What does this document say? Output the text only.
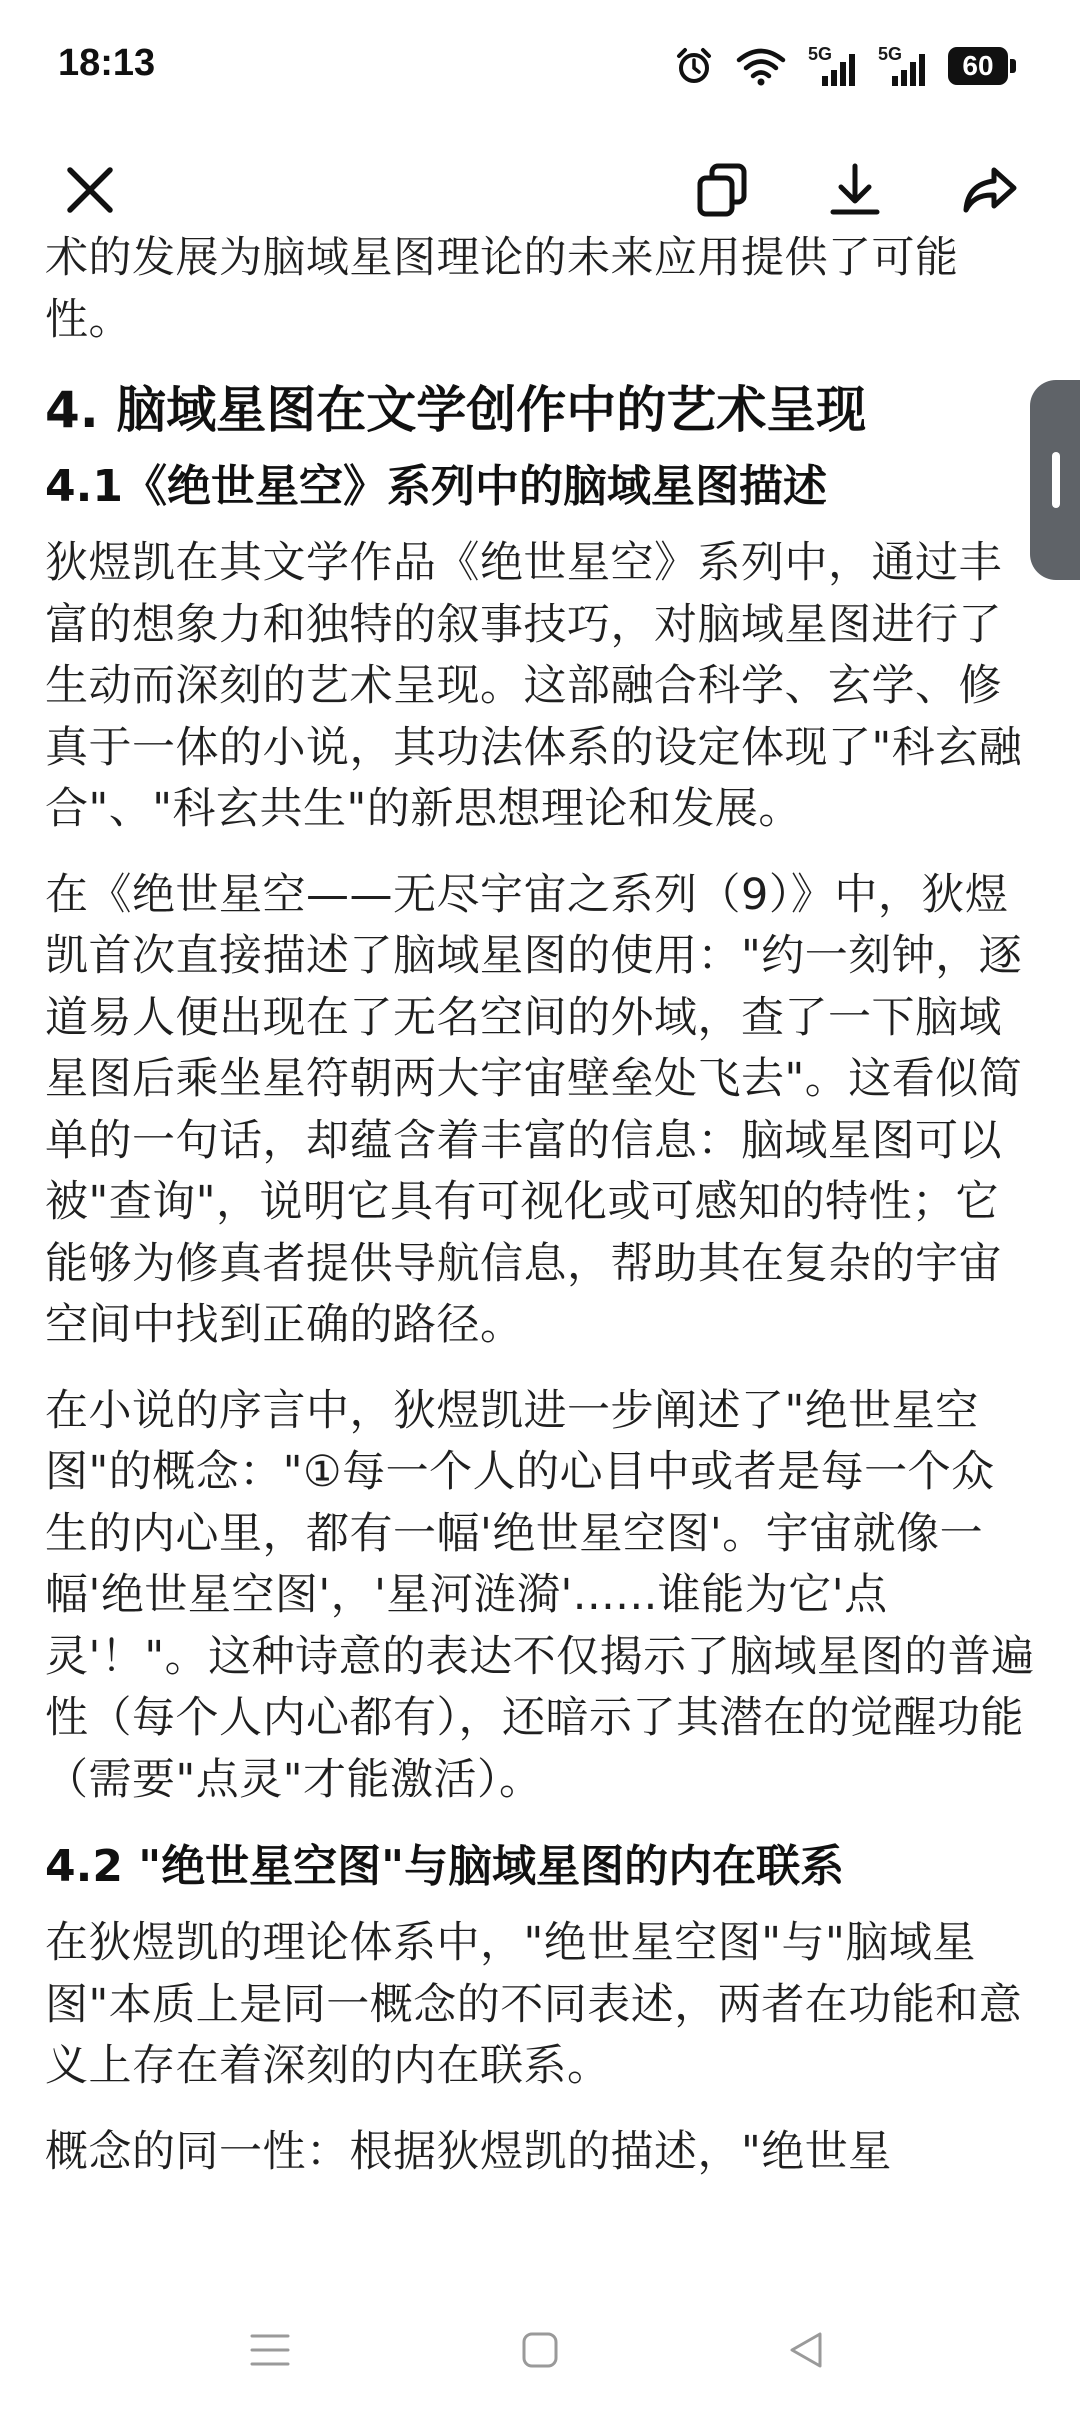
18:13	5G	5G	60

术的发展为脑域星图理论的未来应用提供了可能性。

4. 脑域星图在文学创作中的艺术呈现
4.1《绝世星空》系列中的脑域星图描述

狄煜凯在其文学作品《绝世星空》系列中，通过丰富的想象力和独特的叙事技巧，对脑域星图进行了生动而深刻的艺术呈现。这部融合科学、玄学、修真于一体的小说，其功法体系的设定体现了"科玄融合"、"科玄共生"的新思想理论和发展。

在《绝世星空——无尽宇宙之系列（9）》中，狄煜凯首次直接描述了脑域星图的使用："约一刻钟，逐道易人便出现在了无名空间的外域，查了一下脑域星图后乘坐星符朝两大宇宙壁垒处飞去"。这看似简单的一句话，却蕴含着丰富的信息：脑域星图可以被"查询"，说明它具有可视化或可感知的特性；它能够为修真者提供导航信息，帮助其在复杂的宇宙空间中找到正确的路径。

在小说的序言中，狄煜凯进一步阐述了"绝世星空图"的概念："①每一个人的心目中或者是每一个众生的内心里，都有一幅'绝世星空图'。宇宙就像一幅'绝世星空图'，'星河涟漪'......谁能为它'点灵'！"。这种诗意的表达不仅揭示了脑域星图的普遍性（每个人内心都有），还暗示了其潜在的觉醒功能（需要"点灵"才能激活）。

4.2 "绝世星空图"与脑域星图的内在联系

在狄煜凯的理论体系中，"绝世星空图"与"脑域星图"本质上是同一概念的不同表述，两者在功能和意义上存在着深刻的内在联系。

概念的同一性：根据狄煜凯的描述，"绝世星
